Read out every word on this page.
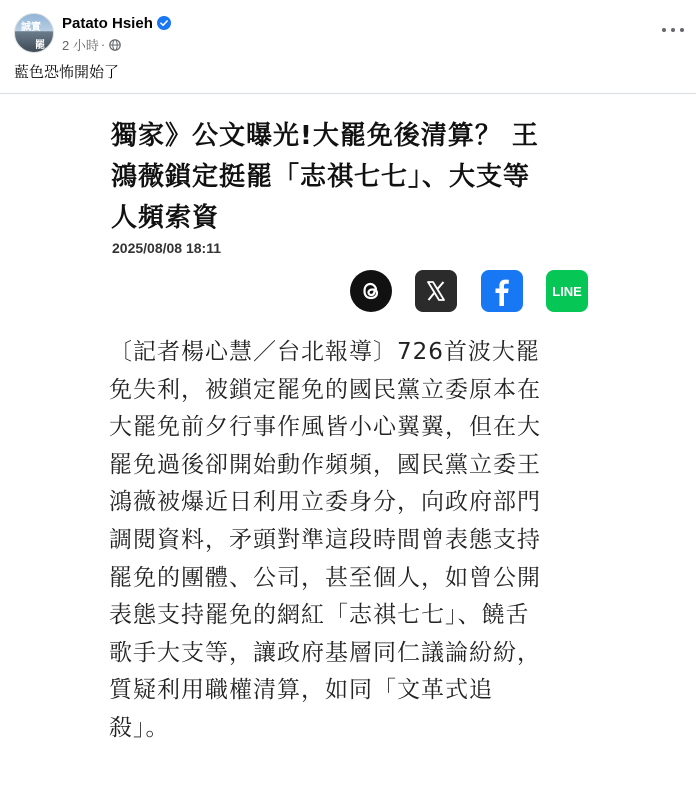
誠實
罷免
Patato Hsieh
2 小時 ·
藍色恐怖開始了
獨家》公文曝光!大罷免後清算？ 王
鴻薇鎖定挺罷「志祺七七」、大支等
人頻索資
2025/08/08 18:11
LINE

〔記者楊心慧／台北報導〕726首波大罷

免失利，被鎖定罷免的國民黨立委原本在

大罷免前夕行事作風皆小心翼翼，但在大

罷免過後卻開始動作頻頻，國民黨立委王

鴻薇被爆近日利用立委身分，向政府部門

調閱資料，矛頭對準這段時間曾表態支持

罷免的團體、公司，甚至個人，如曾公開

表態支持罷免的網紅「志祺七七」、饒舌

歌手大支等，讓政府基層同仁議論紛紛，

質疑利用職權清算，如同「文革式追

殺」。
